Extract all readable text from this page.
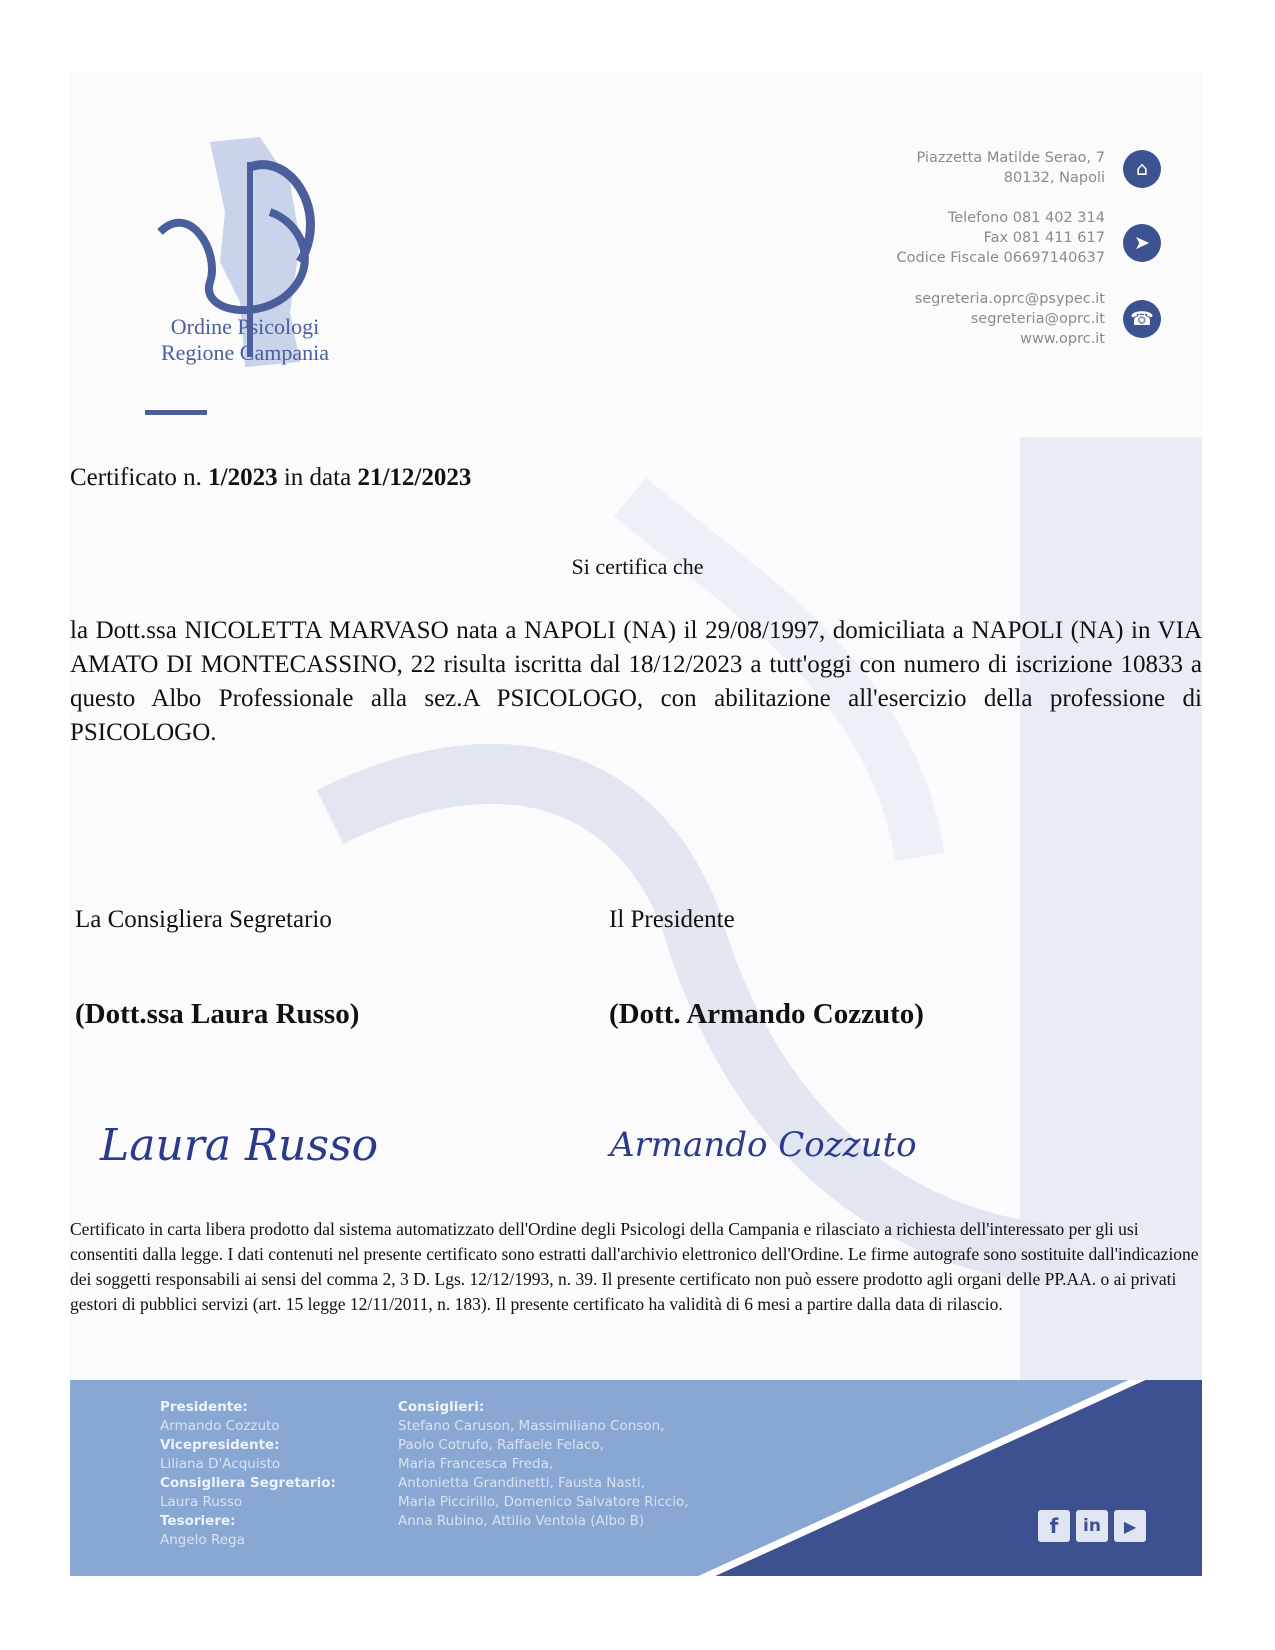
Ordine Psicologi
Regione Campania
Piazzetta Matilde Serao, 7
80132, Napoli	⌂
Telefono 081 402 314
Fax 081 411 617
Codice Fiscale 06697140637
➤
segreteria.oprc@psypec.it
segreteria@oprc.it
www.oprc.it
☎
Certificato n. 1/2023 in data 21/12/2023
Si certifica che
la Dott.ssa NICOLETTA MARVASO nata a NAPOLI (NA) il 29/08/1997, domiciliata a NAPOLI (NA) in VIA AMATO DI MONTECASSINO, 22 risulta iscritta dal 18/12/2023 a tutt'oggi con numero di iscrizione 10833 a questo Albo Professionale alla sez.A PSICOLOGO, con abilitazione all'esercizio della professione di PSICOLOGO.
La Consigliera Segretario	Il Presidente
(Dott.ssa Laura Russo)	(Dott. Armando Cozzuto)
Laura Russo	Armando Cozzuto
Certificato in carta libera prodotto dal sistema automatizzato dell'Ordine degli Psicologi della Campania e rilasciato a richiesta dell'interessato per gli usi consentiti dalla legge. I dati contenuti nel presente certificato sono estratti dall'archivio elettronico dell'Ordine. Le firme autografe sono sostituite dall'indicazione dei soggetti responsabili ai sensi del comma 2, 3 D. Lgs. 12/12/1993, n. 39. Il presente certificato non può essere prodotto agli organi delle PP.AA. o ai privati gestori di pubblici servizi (art. 15 legge 12/11/2011, n. 183). Il presente certificato ha validità di 6 mesi a partire dalla data di rilascio.
Presidente:
Armando Cozzuto
Vicepresidente:
Liliana D'Acquisto
Consigliera Segretario:
Laura Russo
Tesoriere:
Angelo Rega
Consiglieri:
Stefano Caruson, Massimiliano Conson,
Paolo Cotrufo, Raffaele Felaco,
Maria Francesca Freda,
Antonietta Grandinetti, Fausta Nasti,
Maria Piccirillo, Domenico Salvatore Riccio,
Anna Rubino, Attilio Ventola (Albo B)	f	in	▶
